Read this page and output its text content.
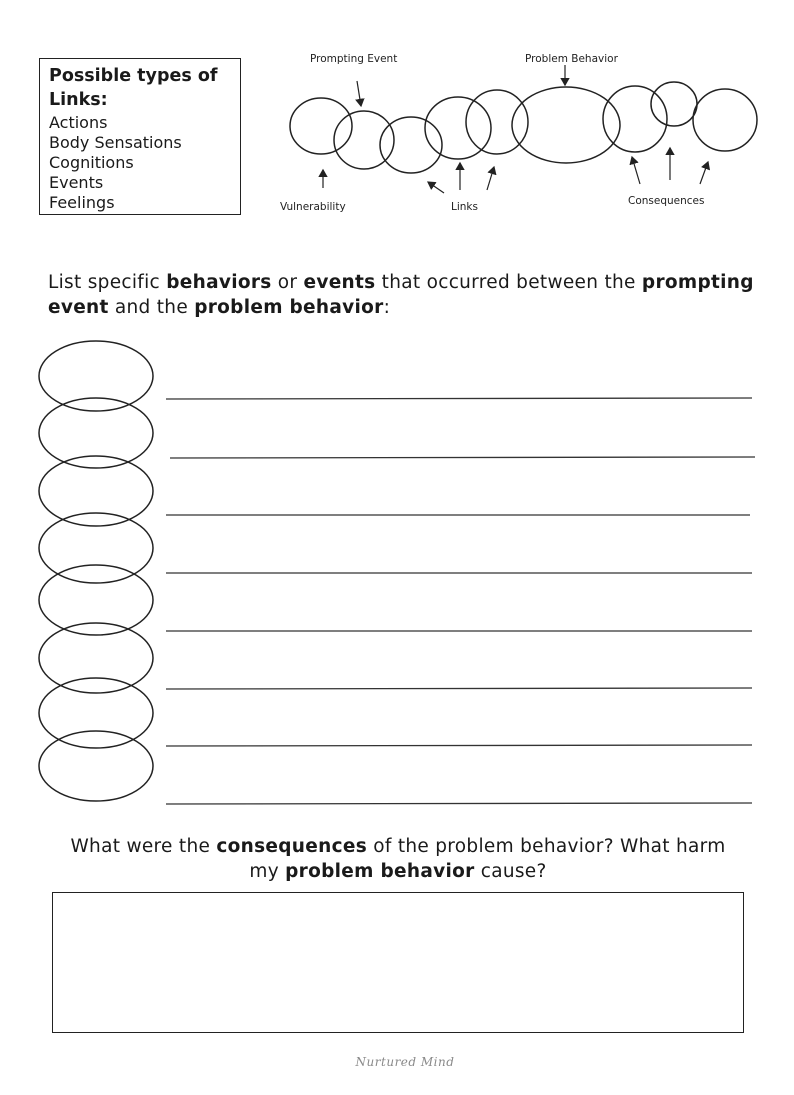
Possible types of Links:
Actions
Body Sensations
Cognitions
Events
Feelings
Prompting Event	Problem Behavior
Vulnerability	Links	Consequences
List specific behaviors or events that occurred between the prompting event and the problem behavior:
What were the consequences of the problem behavior? What harm my problem behavior cause?
Nurtured Mind
